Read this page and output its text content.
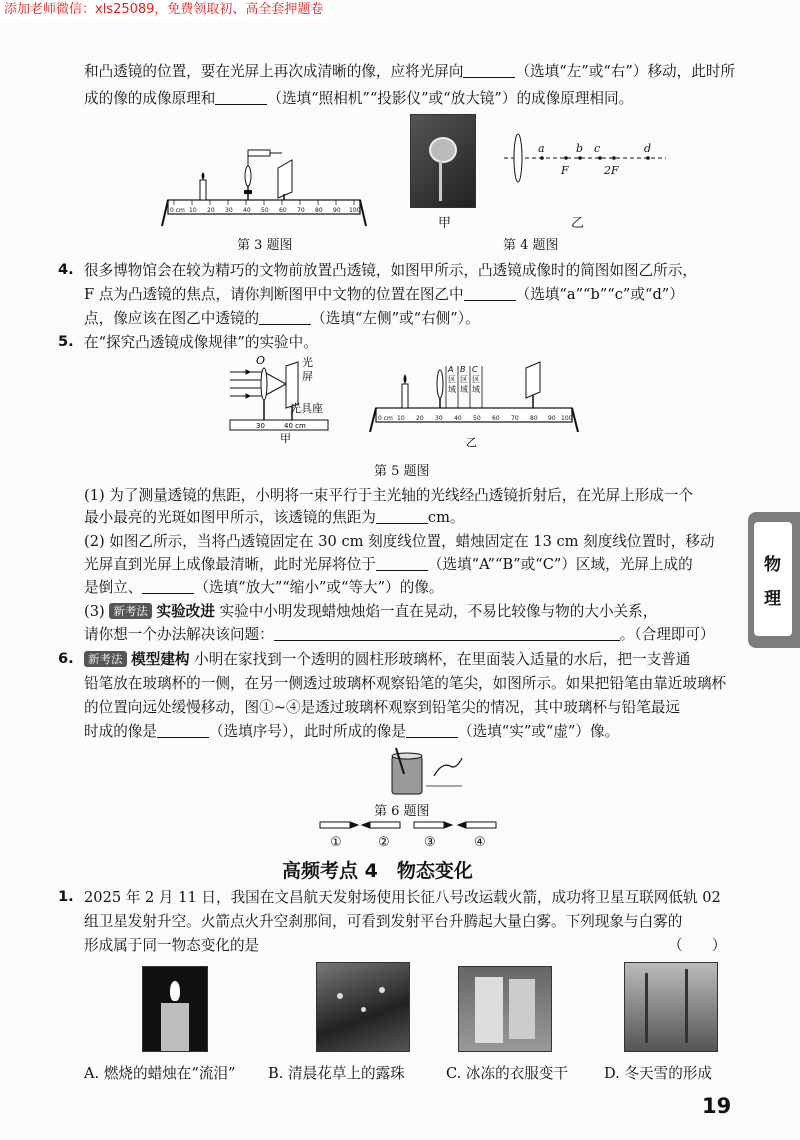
添加老师微信：xls25089，免费领取初、高全套押题卷
物
理
和凸透镜的位置，要在光屏上再次成清晰的像，应将光屏向	（选填“左”或“右”）移动，此时所
成的像的成像原理和	（选填“照相机”“投影仪”或“放大镜”）的成像原理相同。
0 cm 10 20 30 40 50 60 70 80 90 100
第 3 题图
甲
a	b c	d
F	2F
乙
第 4 题图
4. 很多博物馆会在较为精巧的文物前放置凸透镜，如图甲所示，凸透镜成像时的简图如图乙所示，
F 点为凸透镜的焦点，请你判断图甲中文物的位置在图乙中	（选填“a”“b”“c”或“d”）
点，像应该在图乙中透镜的	（选填“左侧”或“右侧”）。
5. 在“探究凸透镜成像规律”的实验中。
O	光
屏
光具座
30	40 cm
甲
0 cm 10 20 30 40 50 60 70 80 90 100
A B C
区
域
区
域
区
域
乙
第 5 题图
(1) 为了测量透镜的焦距，小明将一束平行于主光轴的光线经凸透镜折射后，在光屏上形成一个
最小最亮的光斑如图甲所示，该透镜的焦距为	cm。
(2) 如图乙所示，当将凸透镜固定在 30 cm 刻度线位置，蜡烛固定在 13 cm 刻度线位置时，移动
光屏直到光屏上成像最清晰，此时光屏将位于	（选填“A”“B”或“C”）区域，光屏上成的
是倒立、	（选填“放大”“缩小”或“等大”）的像。
(3) 新考法 实验改进 实验中小明发现蜡烛烛焰一直在晃动，不易比较像与物的大小关系，
请你想一个办法解决该问题：	。（合理即可）
6.	新考法 模型建构 小明在家找到一个透明的圆柱形玻璃杯，在里面装入适量的水后，把一支普通
铅笔放在玻璃杯的一侧，在另一侧透过玻璃杯观察铅笔的笔尖，如图所示。如果把铅笔由靠近玻璃杯
的位置向远处缓慢移动，图①~④是透过玻璃杯观察到铅笔尖的情况，其中玻璃杯与铅笔最远
时成的像是	（选填序号），此时所成的像是	（选填“实”或“虚”）像。
第 6 题图
①	②	③	④
高频考点 4　物态变化
1. 2025 年 2 月 11 日，我国在文昌航天发射场使用长征八号改运载火箭，成功将卫星互联网低轨 02
组卫星发射升空。火箭点火升空刹那间，可看到发射平台升腾起大量白雾。下列现象与白雾的
形成属于同一物态变化的是	（　　）
A. 燃烧的蜡烛在“流泪” B. 清晨花草上的露珠	C. 冰冻的衣服变干 D. 冬天雪的形成
19
